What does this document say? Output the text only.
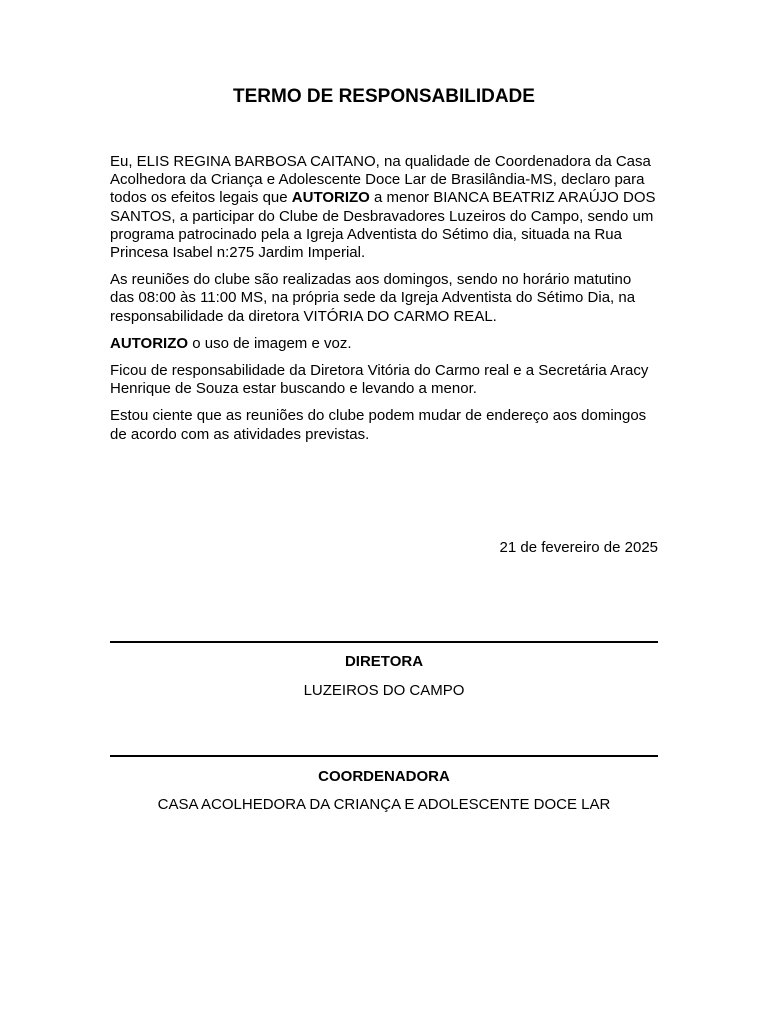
TERMO DE RESPONSABILIDADE

Eu, ELIS REGINA BARBOSA CAITANO, na qualidade de Coordenadora da Casa Acolhedora da Criança e Adolescente Doce Lar de Brasilândia-MS, declaro para todos os efeitos legais que AUTORIZO a menor BIANCA BEATRIZ ARAÚJO DOS SANTOS, a participar do Clube de Desbravadores Luzeiros do Campo, sendo um programa patrocinado pela a Igreja Adventista do Sétimo dia, situada na Rua Princesa Isabel n:275 Jardim Imperial.

As reuniões do clube são realizadas aos domingos, sendo no horário matutino das 08:00 às 11:00 MS, na própria sede da Igreja Adventista do Sétimo Dia, na responsabilidade da diretora VITÓRIA DO CARMO REAL.

AUTORIZO o uso de imagem e voz.

Ficou de responsabilidade da Diretora Vitória do Carmo real e a Secretária Aracy Henrique de Souza estar buscando e levando a menor.

Estou ciente que as reuniões do clube podem mudar de endereço aos domingos de acordo com as atividades previstas.

21 de fevereiro de 2025
DIRETORA
LUZEIROS DO CAMPO
COORDENADORA
CASA ACOLHEDORA DA CRIANÇA E ADOLESCENTE DOCE LAR
